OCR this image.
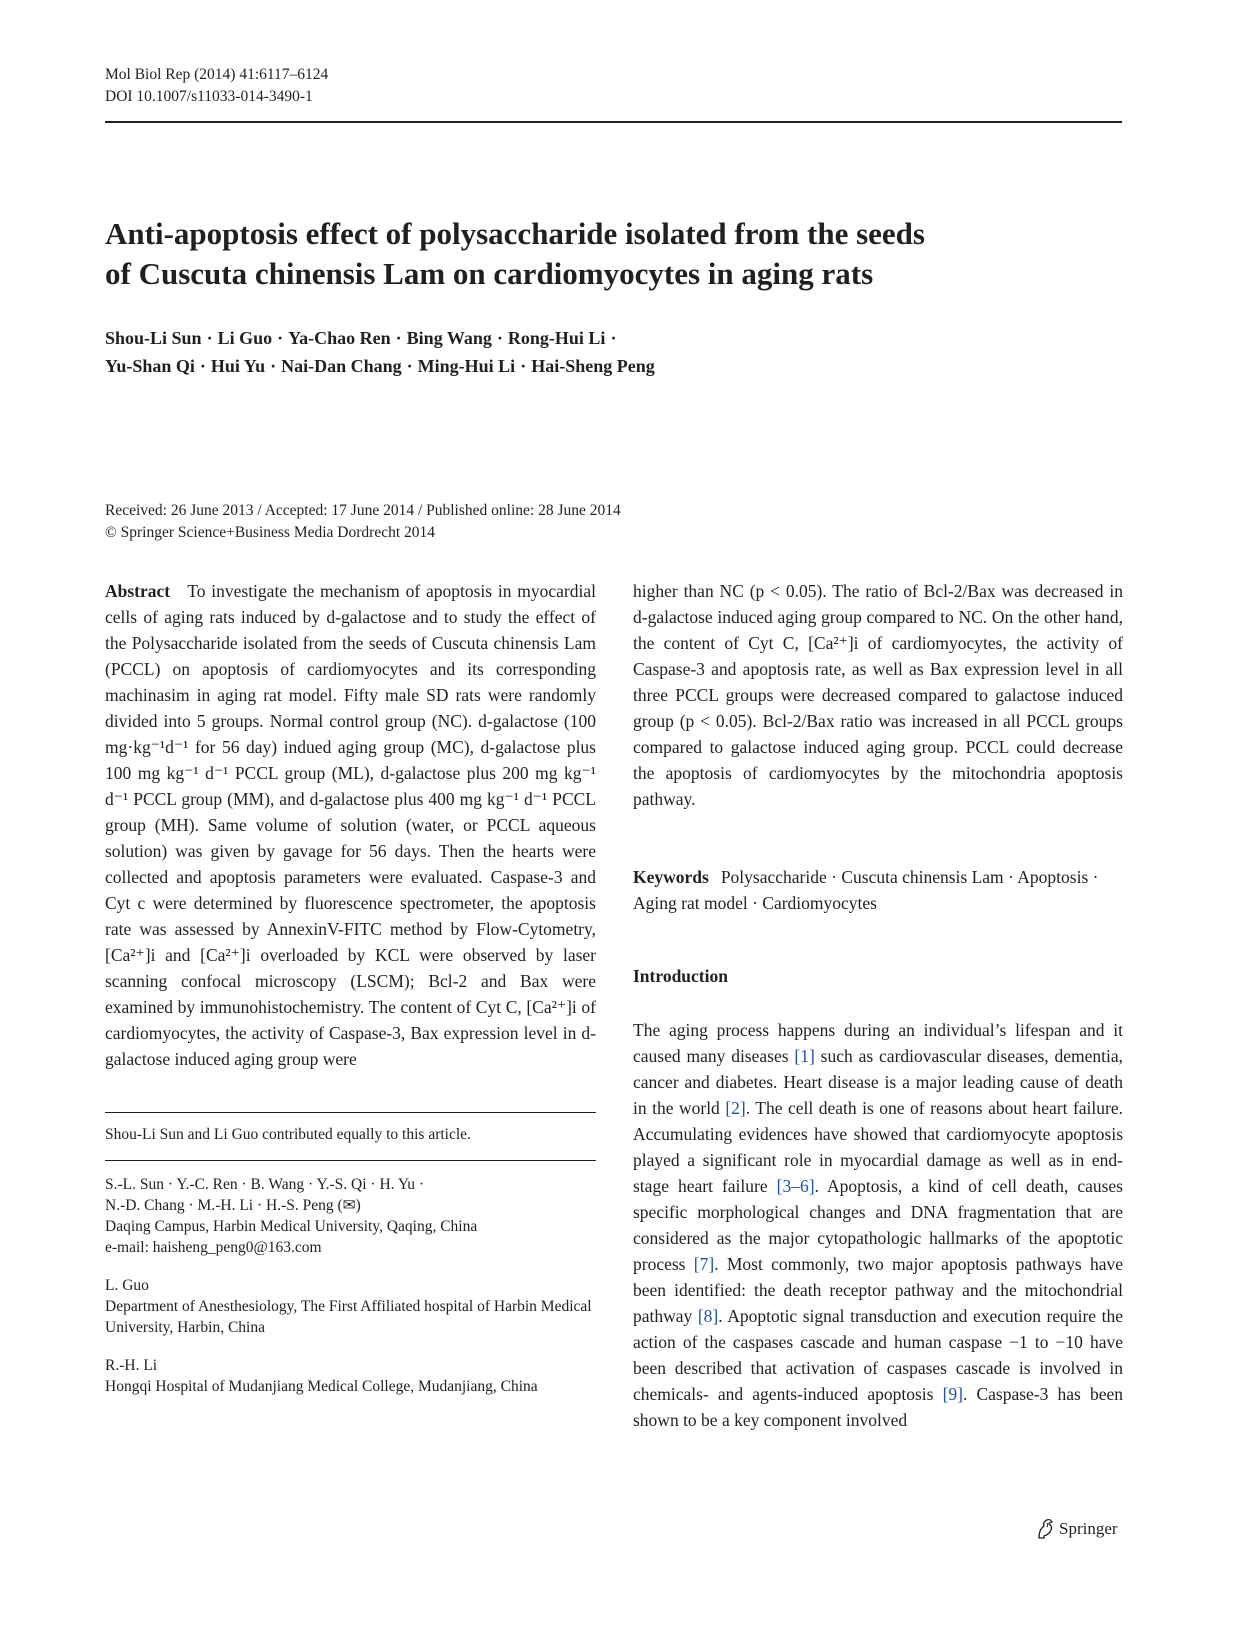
Mol Biol Rep (2014) 41:6117–6124
DOI 10.1007/s11033-014-3490-1
Anti-apoptosis effect of polysaccharide isolated from the seeds
of Cuscuta chinensis Lam on cardiomyocytes in aging rats
Shou-Li Sun · Li Guo · Ya-Chao Ren · Bing Wang · Rong-Hui Li ·
Yu-Shan Qi · Hui Yu · Nai-Dan Chang · Ming-Hui Li · Hai-Sheng Peng
Received: 26 June 2013 / Accepted: 17 June 2014 / Published online: 28 June 2014
© Springer Science+Business Media Dordrecht 2014

Abstract To investigate the mechanism of apoptosis in myocardial cells of aging rats induced by d-galactose and to study the effect of the Polysaccharide isolated from the seeds of Cuscuta chinensis Lam (PCCL) on apoptosis of cardiomyocytes and its corresponding machinasim in aging rat model. Fifty male SD rats were randomly divided into 5 groups. Normal control group (NC). d-galactose (100 mg·kg⁻¹d⁻¹ for 56 day) indued aging group (MC), d-galactose plus 100 mg kg⁻¹ d⁻¹ PCCL group (ML), d-galactose plus 200 mg kg⁻¹ d⁻¹ PCCL group (MM), and d-galactose plus 400 mg kg⁻¹ d⁻¹ PCCL group (MH). Same volume of solution (water, or PCCL aqueous solution) was given by gavage for 56 days. Then the hearts were collected and apoptosis parameters were evaluated. Caspase-3 and Cyt c were determined by fluorescence spectrometer, the apoptosis rate was assessed by AnnexinV-FITC method by Flow-Cytometry, [Ca²⁺]i and [Ca²⁺]i overloaded by KCL were observed by laser scanning confocal microscopy (LSCM); Bcl-2 and Bax were examined by immunohistochemistry. The content of Cyt C, [Ca²⁺]i of cardiomyocytes, the activity of Caspase-3, Bax expression level in d-galactose induced aging group were

Shou-Li Sun and Li Guo contributed equally to this article.
S.-L. Sun · Y.-C. Ren · B. Wang · Y.-S. Qi · H. Yu ·
N.-D. Chang · M.-H. Li · H.-S. Peng (✉)
Daqing Campus, Harbin Medical University, Qaqing, China
e-mail: haisheng_peng0@163.com
L. Guo
Department of Anesthesiology, The First Affiliated hospital of Harbin Medical University, Harbin, China
R.-H. Li
Hongqi Hospital of Mudanjiang Medical College, Mudanjiang, China

higher than NC (p < 0.05). The ratio of Bcl-2/Bax was decreased in d-galactose induced aging group compared to NC. On the other hand, the content of Cyt C, [Ca²⁺]i of cardiomyocytes, the activity of Caspase-3 and apoptosis rate, as well as Bax expression level in all three PCCL groups were decreased compared to galactose induced group (p < 0.05). Bcl-2/Bax ratio was increased in all PCCL groups compared to galactose induced aging group. PCCL could decrease the apoptosis of cardiomyocytes by the mitochondria apoptosis pathway.

Keywords Polysaccharide · Cuscuta chinensis Lam · Apoptosis · Aging rat model · Cardiomyocytes
Introduction

The aging process happens during an individual’s lifespan and it caused many diseases [1] such as cardiovascular diseases, dementia, cancer and diabetes. Heart disease is a major leading cause of death in the world [2]. The cell death is one of reasons about heart failure. Accumulating evidences have showed that cardiomyocyte apoptosis played a significant role in myocardial damage as well as in end-stage heart failure [3–6]. Apoptosis, a kind of cell death, causes specific morphological changes and DNA fragmentation that are considered as the major cytopathologic hallmarks of the apoptotic process [7]. Most commonly, two major apoptosis pathways have been identified: the death receptor pathway and the mitochondrial pathway [8]. Apoptotic signal transduction and execution require the action of the caspases cascade and human caspase −1 to −10 have been described that activation of caspases cascade is involved in chemicals- and agents-induced apoptosis [9]. Caspase-3 has been shown to be a key component involved

Springer
